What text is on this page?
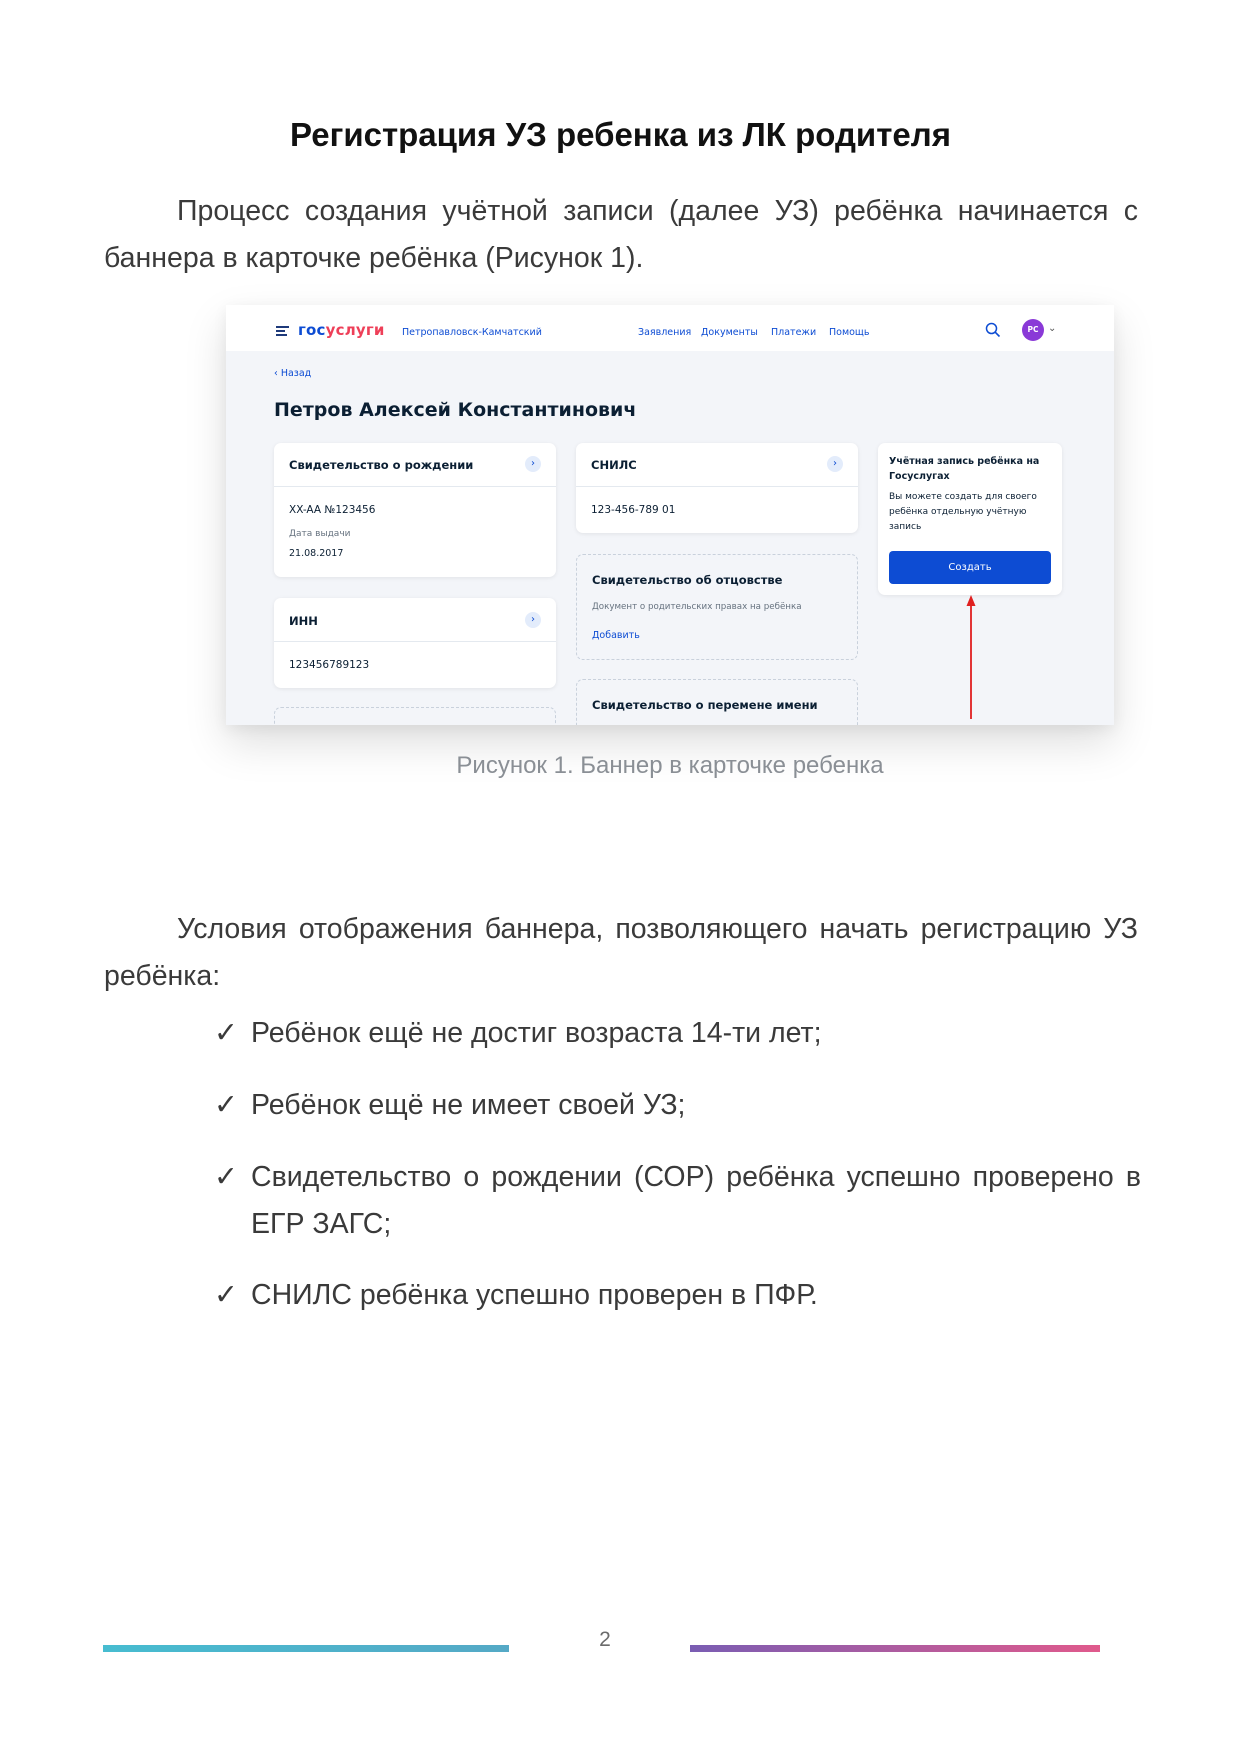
Регистрация УЗ ребенка из ЛК родителя
Процесс создания учётной записи (далее УЗ) ребёнка начинается с баннера в карточке ребёнка (Рисунок 1).
госуслуги Петропавловск-Камчатский	Заявления Документы Платежи Помощь	РС ⌄
‹ Назад
Петров Алексей Константинович
Свидетельство о рождении	›
XX-AA №123456
Дата выдачи
21.08.2017
ИНН	›
123456789123
СНИЛС	›
123-456-789 01
Свидетельство об отцовстве
Документ о родительских правах на ребёнка
Добавить
Свидетельство о перемене имени
Учётная запись ребёнка на Госуслугах
Вы можете создать для своего ребёнка отдельную учётную запись
Создать
Рисунок 1. Баннер в карточке ребенка
Условия отображения баннера, позволяющего начать регистрацию УЗ ребёнка:
✓ Ребёнок ещё не достиг возраста 14-ти лет;
✓ Ребёнок ещё не имеет своей УЗ;
✓ Свидетельство о рождении (СОР) ребёнка успешно проверено в ЕГР ЗАГС;
✓ СНИЛС ребёнка успешно проверен в ПФР.
2
